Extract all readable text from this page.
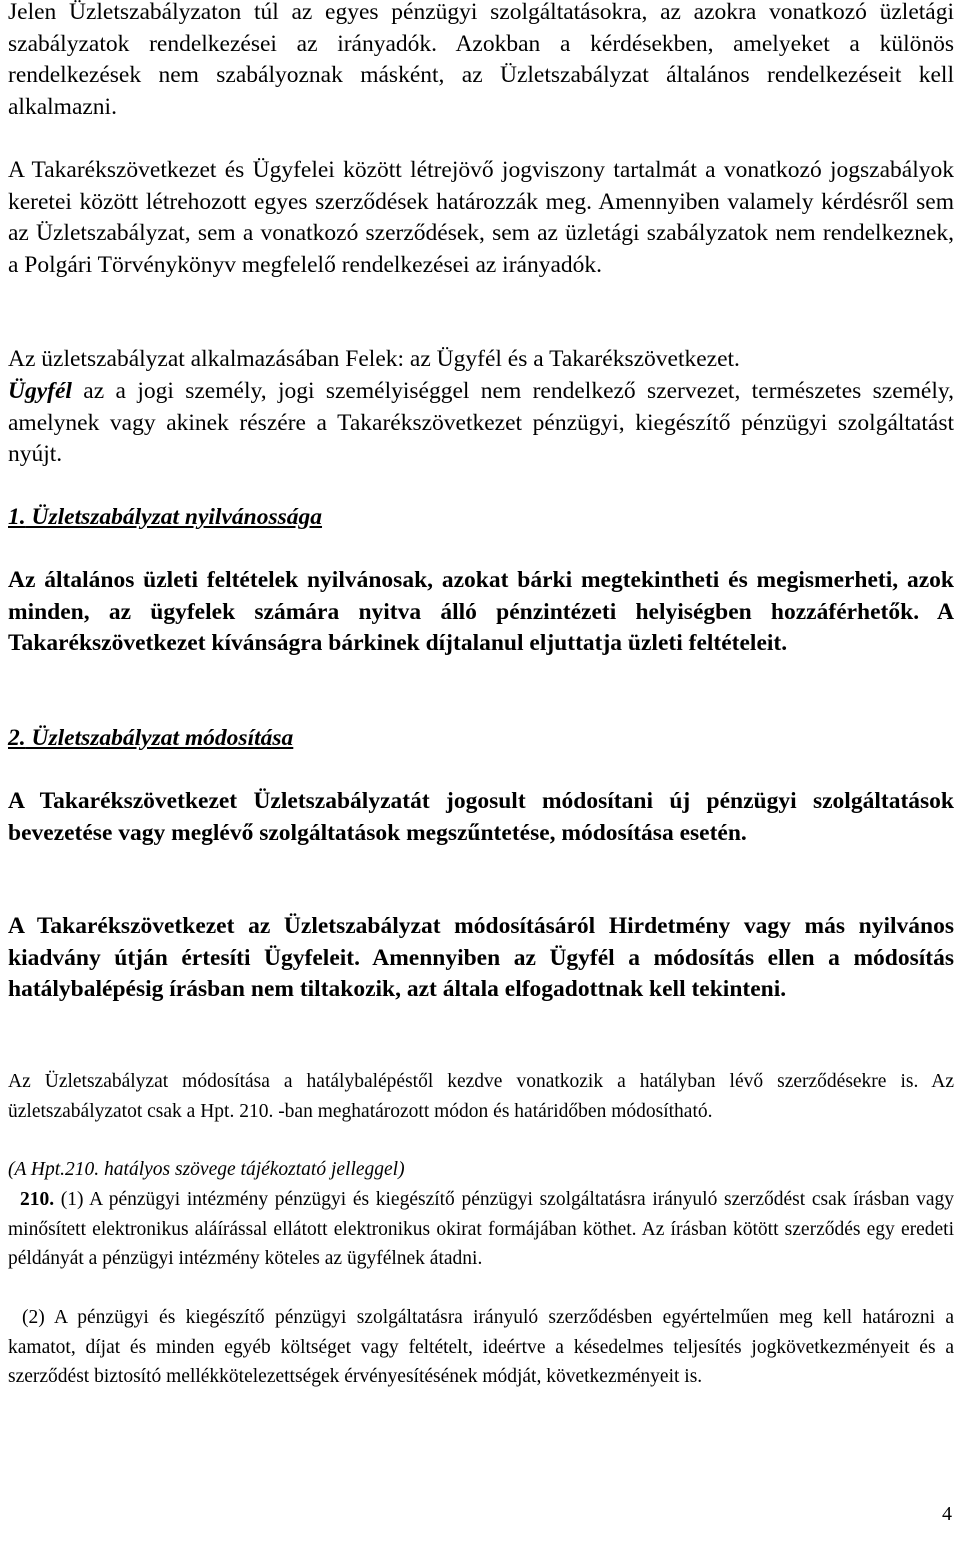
Jelen Üzletszabályzaton túl az egyes pénzügyi szolgáltatásokra, az azokra vonatkozó üzletági szabályzatok rendelkezései az irányadók. Azokban a kérdésekben, amelyeket a különös rendelkezések nem szabályoznak másként, az Üzletszabályzat általános rendelkezéseit kell alkalmazni.

A Takarékszövetkezet és Ügyfelei között létrejövő jogviszony tartalmát a vonatkozó jogszabályok keretei között létrehozott egyes szerződések határozzák meg. Amennyiben valamely kérdésről sem az Üzletszabályzat, sem a vonatkozó szerződések, sem az üzletági szabályzatok nem rendelkeznek, a Polgári Törvénykönyv megfelelő rendelkezései az irányadók.

Az üzletszabályzat alkalmazásában Felek: az Ügyfél és a Takarékszövetkezet.

Ügyfél az a jogi személy, jogi személyiséggel nem rendelkező szervezet, természetes személy, amelynek vagy akinek részére a Takarékszövetkezet pénzügyi, kiegészítő pénzügyi szolgáltatást nyújt.

1. Üzletszabályzat nyilvánossága

Az általános üzleti feltételek nyilvánosak, azokat bárki megtekintheti és megismerheti, azok minden, az ügyfelek számára nyitva álló pénzintézeti helyiségben hozzáférhetők. A Takarékszövetkezet kívánságra bárkinek díjtalanul eljuttatja üzleti feltételeit.

2. Üzletszabályzat módosítása

A Takarékszövetkezet Üzletszabályzatát jogosult módosítani új pénzügyi szolgáltatások bevezetése vagy meglévő szolgáltatások megszűntetése, módosítása esetén.

A Takarékszövetkezet az Üzletszabályzat módosításáról Hirdetmény vagy más nyilvános kiadvány útján értesíti Ügyfeleit. Amennyiben az Ügyfél a módosítás ellen a módosítás hatálybalépésig írásban nem tiltakozik, azt általa elfogadottnak kell tekinteni.

Az Üzletszabályzat módosítása a hatálybalépéstől kezdve vonatkozik a hatályban lévő szerződésekre is. Az üzletszabályzatot csak a Hpt. 210. -ban meghatározott módon és határidőben módosítható.

(A Hpt.210. hatályos szövege tájékoztató jelleggel)

210. (1) A pénzügyi intézmény pénzügyi és kiegészítő pénzügyi szolgáltatásra irányuló szerződést csak írásban vagy minősített elektronikus aláírással ellátott elektronikus okirat formájában köthet. Az írásban kötött szerződés egy eredeti példányát a pénzügyi intézmény köteles az ügyfélnek átadni.

(2) A pénzügyi és kiegészítő pénzügyi szolgáltatásra irányuló szerződésben egyértelműen meg kell határozni a kamatot, díjat és minden egyéb költséget vagy feltételt, ideértve a késedelmes teljesítés jogkövetkezményeit és a szerződést biztosító mellékkötelezettségek érvényesítésének módját, következményeit is.

4
